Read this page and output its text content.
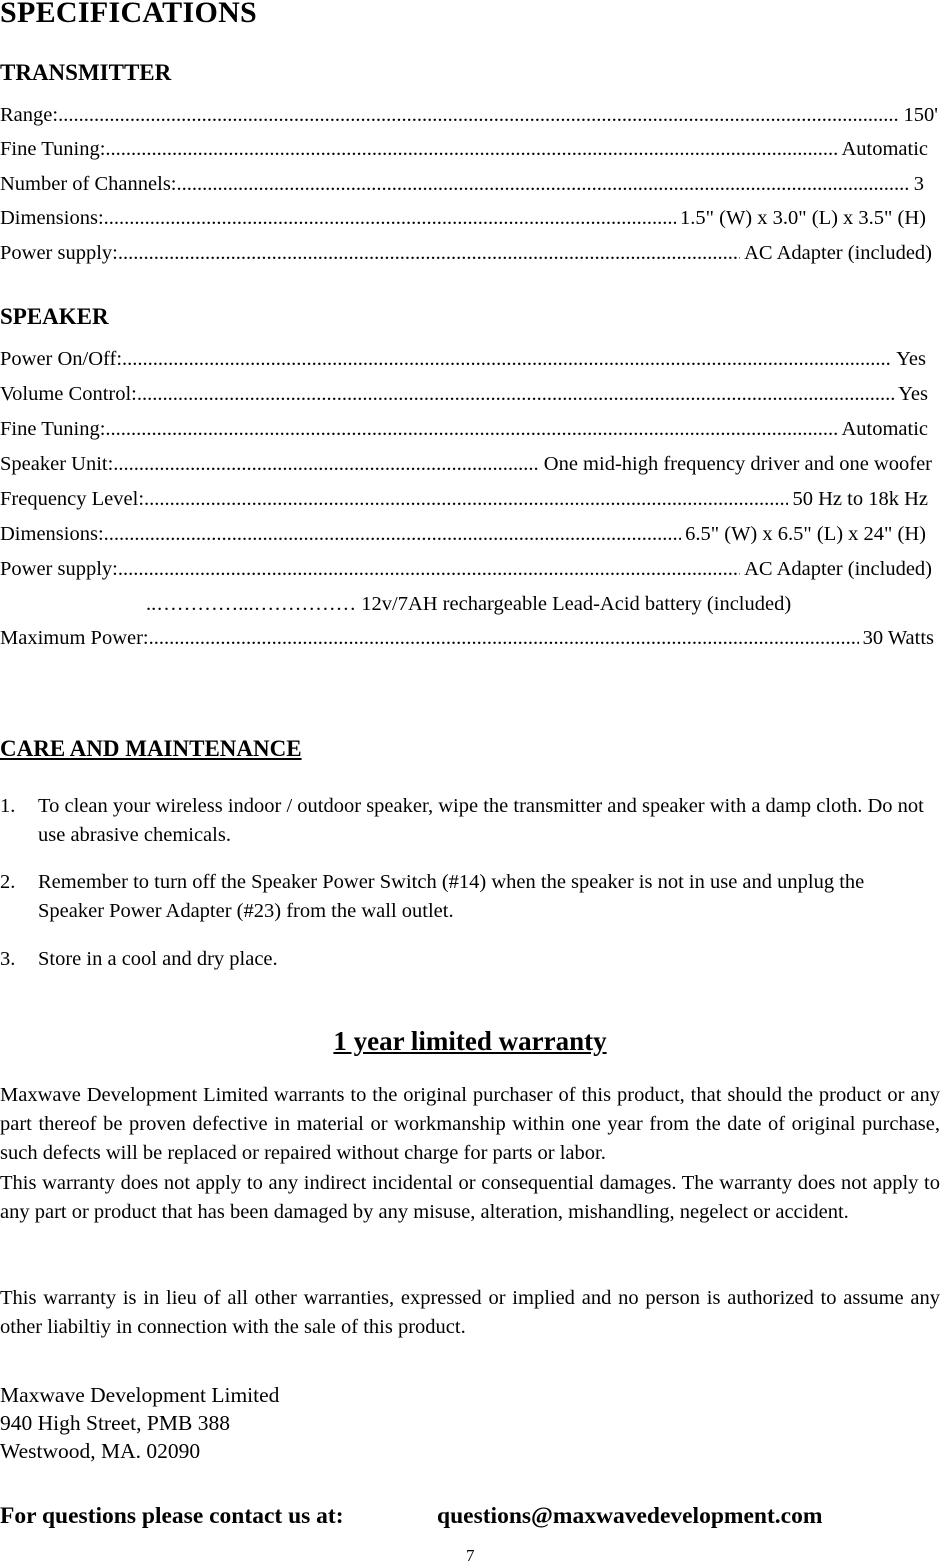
SPECIFICATIONS
TRANSMITTER
Range: .....	150'
Fine Tuning: .....	Automatic
Number of Channels: .....	3
Dimensions: .....	1.5" (W) x 3.0" (L) x 3.5" (H)
Power supply: .....	AC Adapter (included)
SPEAKER
Power On/Off: .....	Yes
Volume Control: .....	Yes
Fine Tuning: .....	Automatic
Speaker Unit: .....	One mid-high frequency driver and one woofer
Frequency Level: .....	50 Hz to 18k Hz
Dimensions: .....	6.5" (W) x 6.5" (L) x 24" (H)
Power supply: .....	AC Adapter (included)
..…………...…………… 12v/7AH rechargeable Lead-Acid battery (included)
Maximum Power: .....	30 Watts
CARE AND MAINTENANCE
1. To clean your wireless indoor / outdoor speaker, wipe the transmitter and speaker with a damp cloth. Do not use abrasive chemicals.
2. Remember to turn off the Speaker Power Switch (#14) when the speaker is not in use and unplug the Speaker Power Adapter (#23) from the wall outlet.
3. Store in a cool and dry place.
1 year limited warranty

Maxwave Development Limited warrants to the original purchaser of this product, that should the product or any part thereof be proven defective in material or workmanship within one year from the date of original purchase, such defects will be replaced or repaired without charge for parts or labor.

This warranty does not apply to any indirect incidental or consequential damages. The warranty does not apply to any part or product that has been damaged by any misuse, alteration, mishandling, negelect or accident.

This warranty is in lieu of all other warranties, expressed or implied and no person is authorized to assume any other liabiltiy in connection with the sale of this product.

Maxwave Development Limited
940 High Street, PMB 388
Westwood, MA. 02090
For questions please contact us at:	questions@maxwavedevelopment.com
7
